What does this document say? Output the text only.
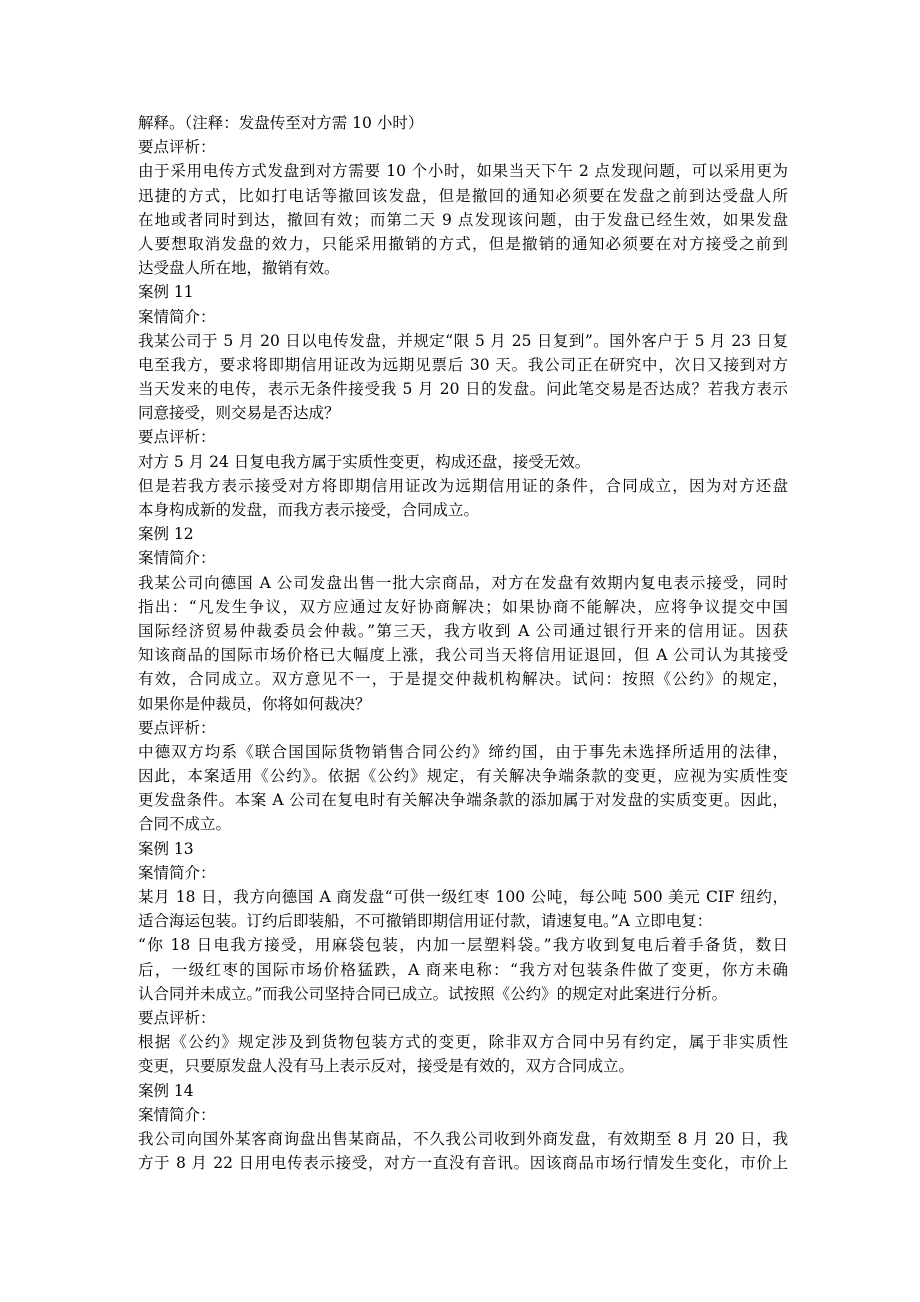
解释。（注释：发盘传至对方需 10 小时）
要点评析：
由于采用电传方式发盘到对方需要 10 个小时，如果当天下午 2 点发现问题，可以采用更为
迅捷的方式，比如打电话等撤回该发盘，但是撤回的通知必须要在发盘之前到达受盘人所
在地或者同时到达，撤回有效；而第二天 9 点发现该问题，由于发盘已经生效，如果发盘
人要想取消发盘的效力，只能采用撤销的方式，但是撤销的通知必须要在对方接受之前到
达受盘人所在地，撤销有效。
案例 11
案情简介：
我某公司于 5 月 20 日以电传发盘，并规定“限 5 月 25 日复到”。国外客户于 5 月 23 日复
电至我方，要求将即期信用证改为远期见票后 30 天。我公司正在研究中，次日又接到对方
当天发来的电传，表示无条件接受我 5 月 20 日的发盘。问此笔交易是否达成？若我方表示
同意接受，则交易是否达成？
要点评析：
对方 5 月 24 日复电我方属于实质性变更，构成还盘，接受无效。
但是若我方表示接受对方将即期信用证改为远期信用证的条件，合同成立，因为对方还盘
本身构成新的发盘，而我方表示接受，合同成立。
案例 12
案情简介：
我某公司向德国 A 公司发盘出售一批大宗商品，对方在发盘有效期内复电表示接受，同时
指出：“凡发生争议，双方应通过友好协商解决；如果协商不能解决，应将争议提交中国
国际经济贸易仲裁委员会仲裁。”第三天，我方收到 A 公司通过银行开来的信用证。因获
知该商品的国际市场价格已大幅度上涨，我公司当天将信用证退回，但 A 公司认为其接受
有效，合同成立。双方意见不一，于是提交仲裁机构解决。试问：按照《公约》的规定，
如果你是仲裁员，你将如何裁决？
要点评析：
中德双方均系《联合国国际货物销售合同公约》缔约国，由于事先未选择所适用的法律，
因此，本案适用《公约》。依据《公约》规定，有关解决争端条款的变更，应视为实质性变
更发盘条件。本案 A 公司在复电时有关解决争端条款的添加属于对发盘的实质变更。因此，
合同不成立。
案例 13
案情简介：
某月 18 日，我方向德国 A 商发盘“可供一级红枣 100 公吨，每公吨 500 美元 CIF 纽约，
适合海运包装。订约后即装船，不可撤销即期信用证付款，请速复电。”A 立即电复：
“你 18 日电我方接受，用麻袋包装，内加一层塑料袋。”我方收到复电后着手备货，数日
后，一级红枣的国际市场价格猛跌，A 商来电称：“我方对包装条件做了变更，你方未确
认合同并未成立。”而我公司坚持合同已成立。试按照《公约》的规定对此案进行分析。
要点评析：
根据《公约》规定涉及到货物包装方式的变更，除非双方合同中另有约定，属于非实质性
变更，只要原发盘人没有马上表示反对，接受是有效的，双方合同成立。
案例 14
案情简介：
我公司向国外某客商询盘出售某商品，不久我公司收到外商发盘，有效期至 8 月 20 日，我
方于 8 月 22 日用电传表示接受，对方一直没有音讯。因该商品市场行情发生变化，市价上
